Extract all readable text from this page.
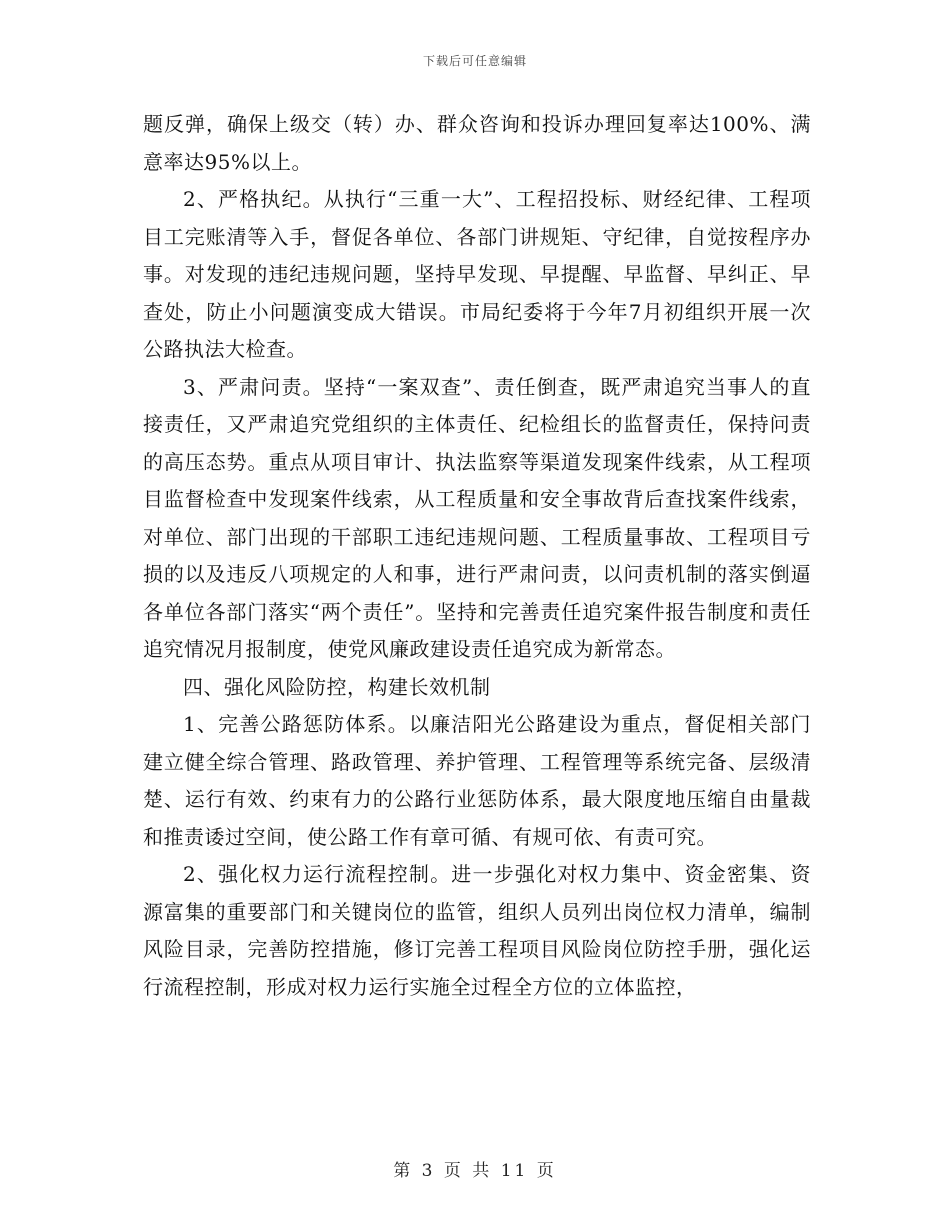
下载后可任意编辑

题反弹，确保上级交（转）办、群众咨询和投诉办理回复率达100%、满意率达95%以上。

2、严格执纪。从执行“三重一大”、工程招投标、财经纪律、工程项目工完账清等入手，督促各单位、各部门讲规矩、守纪律，自觉按程序办事。对发现的违纪违规问题，坚持早发现、早提醒、早监督、早纠正、早查处，防止小问题演变成大错误。市局纪委将于今年7月初组织开展一次公路执法大检查。

3、严肃问责。坚持“一案双查”、责任倒查，既严肃追究当事人的直接责任，又严肃追究党组织的主体责任、纪检组长的监督责任，保持问责的高压态势。重点从项目审计、执法监察等渠道发现案件线索，从工程项目监督检查中发现案件线索，从工程质量和安全事故背后查找案件线索，对单位、部门出现的干部职工违纪违规问题、工程质量事故、工程项目亏损的以及违反八项规定的人和事，进行严肃问责，以问责机制的落实倒逼各单位各部门落实“两个责任”。坚持和完善责任追究案件报告制度和责任追究情况月报制度，使党风廉政建设责任追究成为新常态。

四、强化风险防控，构建长效机制

1、完善公路惩防体系。以廉洁阳光公路建设为重点，督促相关部门建立健全综合管理、路政管理、养护管理、工程管理等系统完备、层级清楚、运行有效、约束有力的公路行业惩防体系，最大限度地压缩自由量裁和推责诿过空间，使公路工作有章可循、有规可依、有责可究。

2、强化权力运行流程控制。进一步强化对权力集中、资金密集、资源富集的重要部门和关键岗位的监管，组织人员列出岗位权力清单，编制风险目录，完善防控措施，修订完善工程项目风险岗位防控手册，强化运行流程控制，形成对权力运行实施全过程全方位的立体监控，

第 3 页 共 11 页
